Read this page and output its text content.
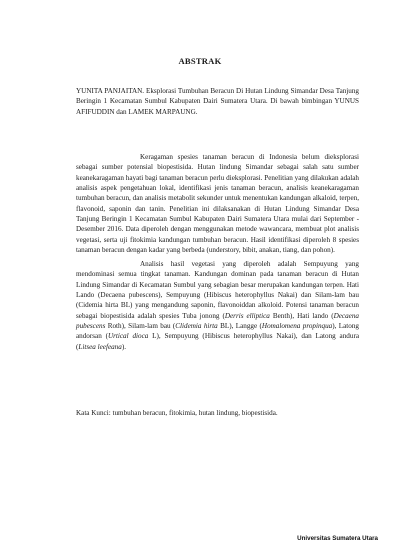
ABSTRAK
YUNITA PANJAITAN. Eksplorasi Tumbuhan Beracun Di Hutan Lindung Simandar Desa Tanjung Beringin 1 Kecamatan Sumbul Kabupaten Dairi Sumatera Utara. Di bawah bimbingan YUNUS AFIFUDDIN dan LAMEK MARPAUNG.
Keragaman spesies tanaman beracun di Indonesia belum dieksplorasi sebagai sumber potensial biopestisida. Hutan lindung Simandar sebagai salah satu sumber keanekaragaman hayati bagi tanaman beracun perlu dieksplorasi. Penelitian yang dilakukan adalah analisis aspek pengetahuan lokal, identifikasi jenis tanaman beracun, analisis keanekaragaman tumbuhan beracun, dan analisis metabolit sekunder untuk menentukan kandungan alkaloid, terpen, flavonoid, saponin dan tanin. Penelitian ini dilaksanakan di Hutan Lindung Simandar Desa Tanjung Beringin 1 Kecamatan Sumbul Kabupaten Dairi Sumatera Utara mulai dari September - Desember 2016. Data diperoleh dengan menggunakan metode wawancara, membuat plot analisis vegetasi, serta uji fitokimia kandungan tumbuhan beracun. Hasil identifikasi diperoleh 8 spesies tanaman beracun dengan kadar yang berbeda (understory, bibit, anakan, tiang, dan pohon).
Analisis hasil vegetasi yang diperoleh adalah Sempuyung yang mendominasi semua tingkat tanaman. Kandungan dominan pada tanaman beracun di Hutan Lindung Simandar di Kecamatan Sumbul yang sebagian besar merupakan kandungan terpen. Hati Lando (Decaena pubescens), Sempuyung (Hibiscus heterophyllus Nakai) dan Silam-lam bau (Cidemia hirta BL) yang mengandung saponin, flavonoiddan alkoloid. Potensi tanaman beracun sebagai biopestisida adalah spesies Tuba jonong (Derris elliptica Benth), Hati lando (Decaena pubescens Roth), Silam-lam bau (Clidemia hirta BL), Langge (Homalomena propinqua), Latong andorsan (Urtical dioca L), Sempuyung (Hibiscus heterophyllus Nakai), dan Latong andura (Litsea leefeana).
Kata Kunci: tumbuhan beracun, fitokimia, hutan lindung, biopestisida.
Universitas Sumatera Utara
